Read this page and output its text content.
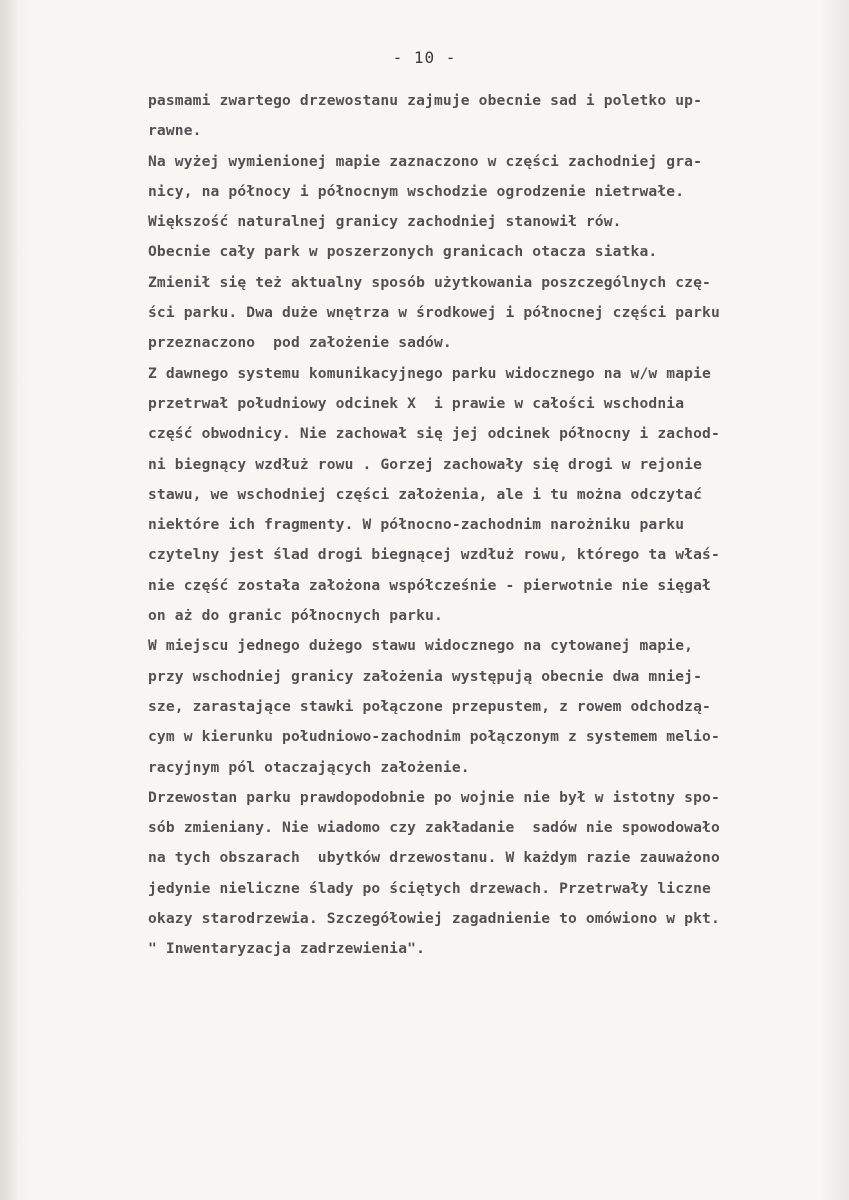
- 10 -
pasmami zwartego drzewostanu zajmuje obecnie sad i poletko up-
rawne.
Na wyżej wymienionej mapie zaznaczono w części zachodniej gra-
nicy, na północy i północnym wschodzie ogrodzenie nietrwałe.
Większość naturalnej granicy zachodniej stanowił rów.
Obecnie cały park w poszerzonych granicach otacza siatka.
Zmienił się też aktualny sposób użytkowania poszczególnych czę-
ści parku. Dwa duże wnętrza w środkowej i północnej części parku
przeznaczono  pod założenie sadów.
Z dawnego systemu komunikacyjnego parku widocznego na w/w mapie
przetrwał południowy odcinek X  i prawie w całości wschodnia
część obwodnicy. Nie zachował się jej odcinek północny i zachod-
ni biegnący wzdłuż rowu . Gorzej zachowały się drogi w rejonie
stawu, we wschodniej części założenia, ale i tu można odczytać
niektóre ich fragmenty. W północno-zachodnim narożniku parku
czytelny jest ślad drogi biegnącej wzdłuż rowu, którego ta właś-
nie część została założona współcześnie - pierwotnie nie sięgał
on aż do granic północnych parku.
W miejscu jednego dużego stawu widocznego na cytowanej mapie,
przy wschodniej granicy założenia występują obecnie dwa mniej-
sze, zarastające stawki połączone przepustem, z rowem odchodzą-
cym w kierunku południowo-zachodnim połączonym z systemem melio-
racyjnym pól otaczających założenie.
Drzewostan parku prawdopodobnie po wojnie nie był w istotny spo-
sób zmieniany. Nie wiadomo czy zakładanie  sadów nie spowodowało
na tych obszarach  ubytków drzewostanu. W każdym razie zauważono
jedynie nieliczne ślady po ściętych drzewach. Przetrwały liczne
okazy starodrzewia. Szczegółowiej zagadnienie to omówiono w pkt.
" Inwentaryzacja zadrzewienia".
